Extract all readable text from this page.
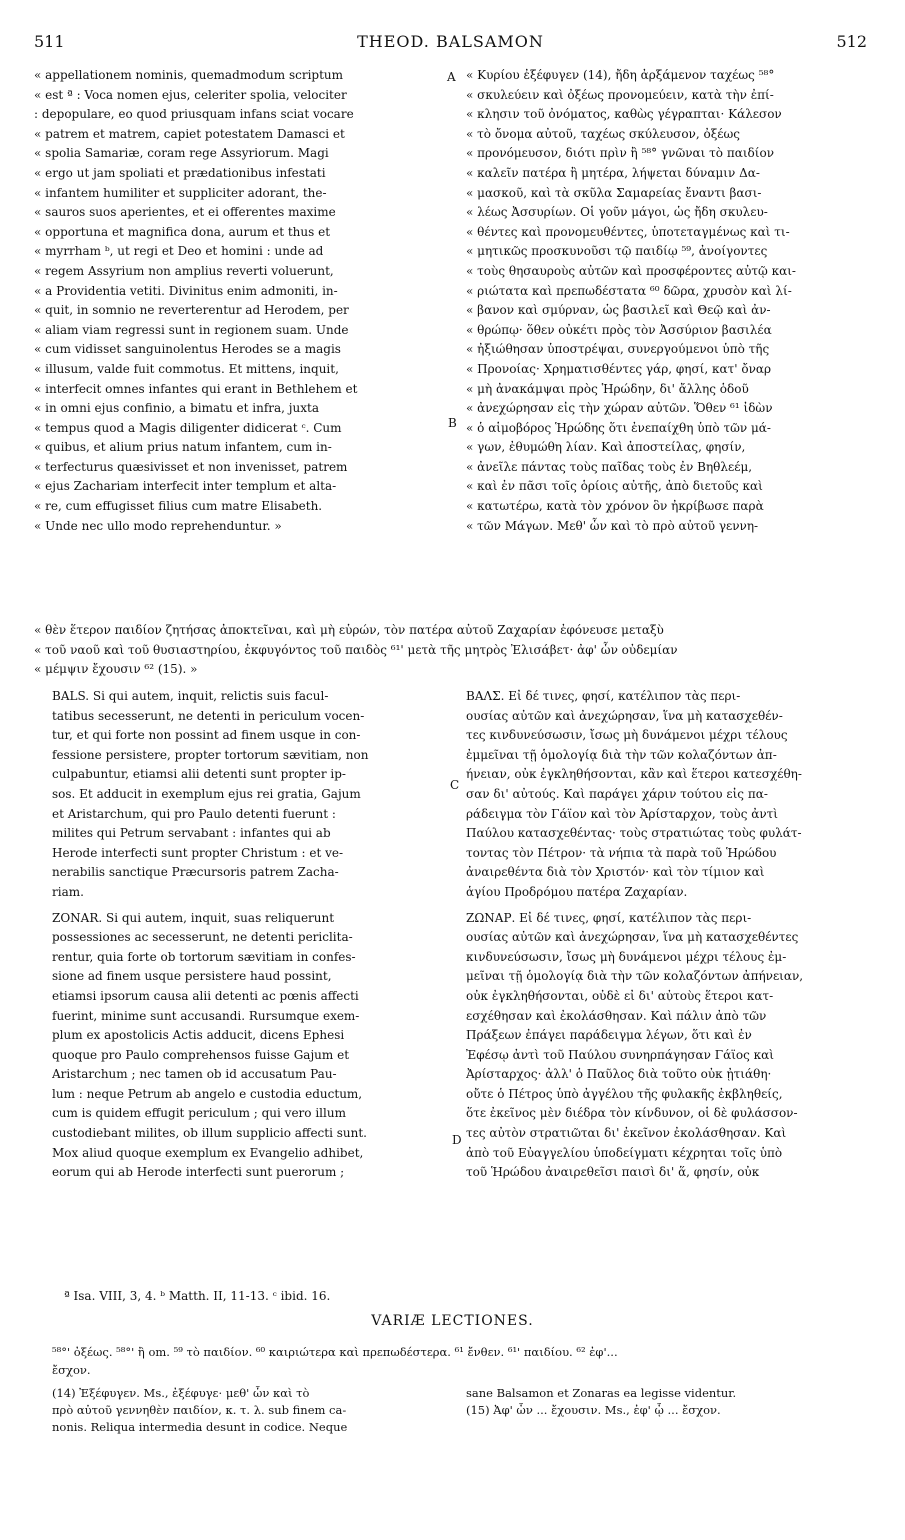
511	THEOD. BALSAMON	512
A
B
C
D
« appellationem nominis, quemadmodum scriptum
« est ª : Voca nomen ejus, celeriter spolia, velociter
: depopulare, eo quod priusquam infans sciat vocare
« patrem et matrem, capiet potestatem Damasci et
« spolia Samariæ, coram rege Assyriorum. Magi
« ergo ut jam spoliati et prædationibus infestati
« infantem humiliter et suppliciter adorant, the-
« sauros suos aperientes, et ei offerentes maxime
« opportuna et magnifica dona, aurum et thus et
« myrrham ᵇ, ut regi et Deo et homini : unde ad
« regem Assyrium non amplius reverti voluerunt,
« a Providentia vetiti. Divinitus enim admoniti, in-
« quit, in somnio ne reverterentur ad Herodem, per
« aliam viam regressi sunt in regionem suam. Unde
« cum vidisset sanguinolentus Herodes se a magis
« illusum, valde fuit commotus. Et mittens, inquit,
« interfecit omnes infantes qui erant in Bethlehem et
« in omni ejus confinio, a bimatu et infra, juxta
« tempus quod a Magis diligenter didicerat ᶜ. Cum
« quibus, et alium prius natum infantem, cum in-
« terfecturus quæsivisset et non invenisset, patrem
« ejus Zachariam interfecit inter templum et alta-
« re, cum effugisset filius cum matre Elisabeth.
« Unde nec ullo modo reprehenduntur. »
« Κυρίου ἐξέφυγεν (14), ἤδη ἀρξάμενον ταχέως ⁵⁸°
« σκυλεύειν καὶ ὀξέως προνομεύειν, κατὰ τὴν ἐπί-
« κλησιν τοῦ ὀνόματος, καθὼς γέγραπται· Κάλεσον
« τὸ ὄνομα αὐτοῦ, ταχέως σκύλευσον, ὀξέως
« προνόμευσον, διότι πρὶν ἢ ⁵⁸° γνῶναι τὸ παιδίον
« καλεῖν πατέρα ἢ μητέρα, λήψεται δύναμιν Δα-
« μασκοῦ, καὶ τὰ σκῦλα Σαμαρείας ἔναντι βασι-
« λέως Ἀσσυρίων. Οἱ γοῦν μάγοι, ὡς ἤδη σκυλευ-
« θέντες καὶ προνομευθέντες, ὑποτεταγμένως καὶ τι-
« μητικῶς προσκυνοῦσι τῷ παιδίῳ ⁵⁹, ἀνοίγοντες
« τοὺς θησαυροὺς αὐτῶν καὶ προσφέροντες αὐτῷ και-
« ριώτατα καὶ πρεπωδέστατα ⁶⁰ δῶρα, χρυσὸν καὶ λί-
« βανον καὶ σμύρναν, ὡς βασιλεῖ καὶ Θεῷ καὶ ἀν-
« θρώπῳ· ὅθεν οὐκέτι πρὸς τὸν Ἀσσύριον βασιλέα
« ἠξιώθησαν ὑποστρέψαι, συνεργούμενοι ὑπὸ τῆς
« Προνοίας· Χρηματισθέντες γάρ, φησί, κατ' ὄναρ
« μὴ ἀνακάμψαι πρὸς Ἡρώδην, δι' ἄλλης ὁδοῦ
« ἀνεχώρησαν εἰς τὴν χώραν αὐτῶν. Ὅθεν ⁶¹ ἰδὼν
« ὁ αἱμοβόρος Ἡρώδης ὅτι ἐνεπαίχθη ὑπὸ τῶν μά-
« γων, ἐθυμώθη λίαν. Καὶ ἀποστείλας, φησίν,
« ἀνεῖλε πάντας τοὺς παῖδας τοὺς ἐν Βηθλεέμ,
« καὶ ἐν πᾶσι τοῖς ὁρίοις αὐτῆς, ἀπὸ διετοῦς καὶ
« κατωτέρω, κατὰ τὸν χρόνον ὃν ἠκρίβωσε παρὰ
« τῶν Μάγων. Μεθ' ὧν καὶ τὸ πρὸ αὐτοῦ γεννη-
« θὲν ἕτερον παιδίον ζητήσας ἀποκτεῖναι, καὶ μὴ εὑρών, τὸν πατέρα αὐτοῦ Ζαχαρίαν ἐφόνευσε μεταξὺ
« τοῦ ναοῦ καὶ τοῦ θυσιαστηρίου, ἐκφυγόντος τοῦ παιδὸς ⁶¹' μετὰ τῆς μητρὸς Ἐλισάβετ· ἀφ' ὧν οὐδεμίαν
« μέμψιν ἔχουσιν ⁶² (15). »
BALS. Si qui autem, inquit, relictis suis facul-
tatibus secesserunt, ne detenti in periculum vocen-
tur, et qui forte non possint ad finem usque in con-
fessione persistere, propter tortorum sævitiam, non
culpabuntur, etiamsi alii detenti sunt propter ip-
sos. Et adducit in exemplum ejus rei gratia, Gajum
et Aristarchum, qui pro Paulo detenti fuerunt :
milites qui Petrum servabant : infantes qui ab
Herode interfecti sunt propter Christum : et ve-
nerabilis sanctique Præcursoris patrem Zacha-
riam.
ZONAR. Si qui autem, inquit, suas reliquerunt
possessiones ac secesserunt, ne detenti periclita-
rentur, quia forte ob tortorum sævitiam in confes-
sione ad finem usque persistere haud possint,
etiamsi ipsorum causa alii detenti ac pœnis affecti
fuerint, minime sunt accusandi. Rursumque exem-
plum ex apostolicis Actis adducit, dicens Ephesi
quoque pro Paulo comprehensos fuisse Gajum et
Aristarchum ; nec tamen ob id accusatum Pau-
lum : neque Petrum ab angelo e custodia eductum,
cum is quidem effugit periculum ; qui vero illum
custodiebant milites, ob illum supplicio affecti sunt.
Mox aliud quoque exemplum ex Evangelio adhibet,
eorum qui ab Herode interfecti sunt puerorum ;
ΒΑΛΣ. Εἰ δέ τινες, φησί, κατέλιπον τὰς περι-
ουσίας αὐτῶν καὶ ἀνεχώρησαν, ἵνα μὴ κατασχεθέν-
τες κινδυνεύσωσιν, ἴσως μὴ δυνάμενοι μέχρι τέλους
ἐμμεῖναι τῇ ὁμολογίᾳ διὰ τὴν τῶν κολαζόντων ἀπ-
ήνειαν, οὐκ ἐγκληθήσονται, κἂν καὶ ἕτεροι κατεσχέθη-
σαν δι' αὐτούς. Καὶ παράγει χάριν τούτου εἰς πα-
ράδειγμα τὸν Γάϊον καὶ τὸν Ἀρίσταρχον, τοὺς ἀντὶ
Παύλου κατασχεθέντας· τοὺς στρατιώτας τοὺς φυλάτ-
τοντας τὸν Πέτρον· τὰ νήπια τὰ παρὰ τοῦ Ἡρώδου
ἀναιρεθέντα διὰ τὸν Χριστόν· καὶ τὸν τίμιον καὶ
ἁγίου Προδρόμου πατέρα Ζαχαρίαν.
ΖΩΝΑΡ. Εἰ δέ τινες, φησί, κατέλιπον τὰς περι-
ουσίας αὐτῶν καὶ ἀνεχώρησαν, ἵνα μὴ κατασχεθέντες
κινδυνεύσωσιν, ἴσως μὴ δυνάμενοι μέχρι τέλους ἐμ-
μεῖναι τῇ ὁμολογίᾳ διὰ τὴν τῶν κολαζόντων ἀπήνειαν,
οὐκ ἐγκληθήσονται, οὐδὲ εἰ δι' αὐτοὺς ἕτεροι κατ-
εσχέθησαν καὶ ἐκολάσθησαν. Καὶ πάλιν ἀπὸ τῶν
Πράξεων ἐπάγει παράδειγμα λέγων, ὅτι καὶ ἐν
Ἐφέσῳ ἀντὶ τοῦ Παύλου συνηρπάγησαν Γάϊος καὶ
Ἀρίσταρχος· ἀλλ' ὁ Παῦλος διὰ τοῦτο οὐκ ᾐτιάθη·
οὔτε ὁ Πέτρος ὑπὸ ἀγγέλου τῆς φυλακῆς ἐκβληθείς,
ὅτε ἐκεῖνος μὲν διέδρα τὸν κίνδυνον, οἱ δὲ φυλάσσον-
τες αὐτὸν στρατιῶται δι' ἐκεῖνον ἐκολάσθησαν. Καὶ
ἀπὸ τοῦ Εὐαγγελίου ὑποδείγματι κέχρηται τοῖς ὑπὸ
τοῦ Ἡρώδου ἀναιρεθεῖσι παισὶ δι' ἅ, φησίν, οὐκ
ª Isa. VIII, 3, 4. ᵇ Matth. II, 11-13. ᶜ ibid. 16.
VARIÆ LECTIONES.
⁵⁸°' ὀξέως. ⁵⁸°' ἢ om. ⁵⁹ τὸ παιδίον. ⁶⁰ καιριώτερα καὶ πρεπωδέστερα. ⁶¹ ἔνθεν. ⁶¹' παιδίου. ⁶² ἐφ'...
ἔσχον.
(14) Ἐξέφυγεν. Ms., ἐξέφυγε· μεθ' ὧν καὶ τὸ
πρὸ αὐτοῦ γεννηθὲν παιδίον, κ. τ. λ. sub finem ca-
nonis. Reliqua intermedia desunt in codice. Neque
sane Balsamon et Zonaras ea legisse videntur.
(15) Ἀφ' ὧν ... ἔχουσιν. Ms., ἐφ' ᾧ ... ἔσχον.
